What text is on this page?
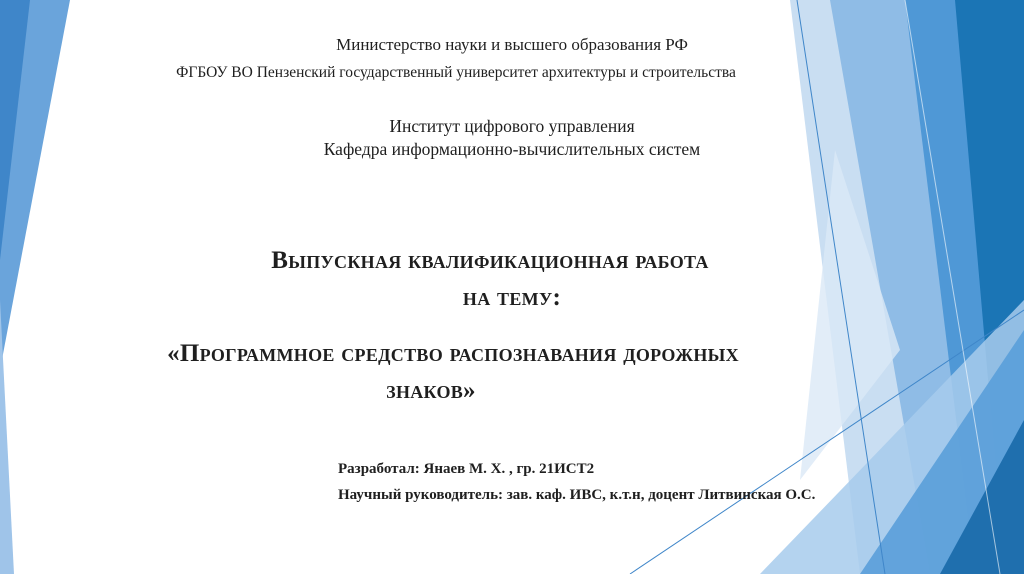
Министерство науки и высшего образования РФ
ФГБОУ ВО Пензенский государственный университет архитектуры и строительства
Институт цифрового управления
Кафедра информационно-вычислительных систем
Выпускная квалификационная работа
на тему:
«Программное средство распознавания дорожных
знаков»
Разработал: Янаев М. Х. , гр. 21ИСТ2
Научный руководитель: зав. каф. ИВС, к.т.н, доцент Литвинская О.С.
